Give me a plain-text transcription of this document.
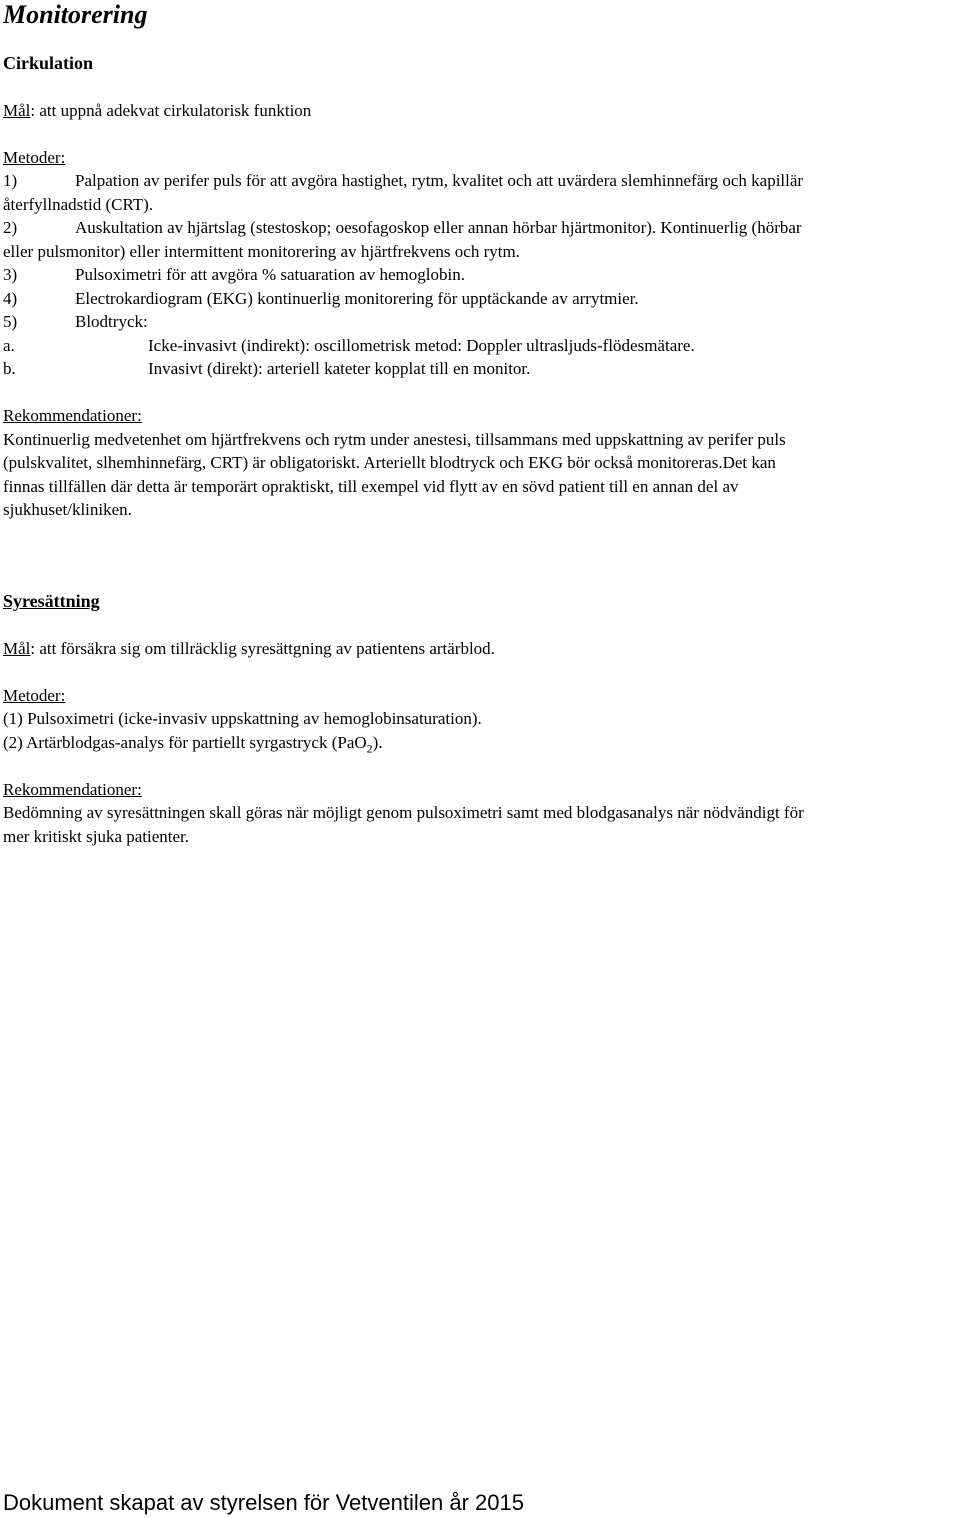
Monitorering

Cirkulation

Mål: att uppnå adekvat cirkulatorisk funktion

Metoder:

1)	Palpation av perifer puls för att avgöra hastighet, rytm, kvalitet och att uvärdera slemhinnefärg och kapillär

återfyllnadstid (CRT).

2)	Auskultation av hjärtslag (stestoskop; oesofagoskop eller annan hörbar hjärtmonitor). Kontinuerlig (hörbar

eller pulsmonitor) eller intermittent monitorering av hjärtfrekvens och rytm.

3)	Pulsoximetri för att avgöra % satuaration av hemoglobin.
4)	Electrokardiogram (EKG) kontinuerlig monitorering för upptäckande av arrytmier.
5)	Blodtryck:
a.	Icke-invasivt (indirekt): oscillometrisk metod: Doppler ultrasljuds-flödesmätare.
b.	Invasivt (direkt): arteriell kateter kopplat till en monitor.

Rekommendationer:

Kontinuerlig medvetenhet om hjärtfrekvens och rytm under anestesi, tillsammans med uppskattning av perifer puls

(pulskvalitet, slhemhinnefärg, CRT) är obligatoriskt. Arteriellt blodtryck och EKG bör också monitoreras.Det kan

finnas tillfällen där detta är temporärt opraktiskt, till exempel vid flytt av en sövd patient till en annan del av

sjukhuset/kliniken.

Syresättning

Mål: att försäkra sig om tillräcklig syresättgning av patientens artärblod.

Metoder:

(1) Pulsoximetri (icke-invasiv uppskattning av hemoglobinsaturation).

(2) Artärblodgas-analys för partiellt syrgastryck (PaO$_2$).

Rekommendationer:

Bedömning av syresättningen skall göras när möjligt genom pulsoximetri samt med blodgasanalys när nödvändigt för

mer kritiskt sjuka patienter.

Dokument skapat av styrelsen för Vetventilen år 2015
